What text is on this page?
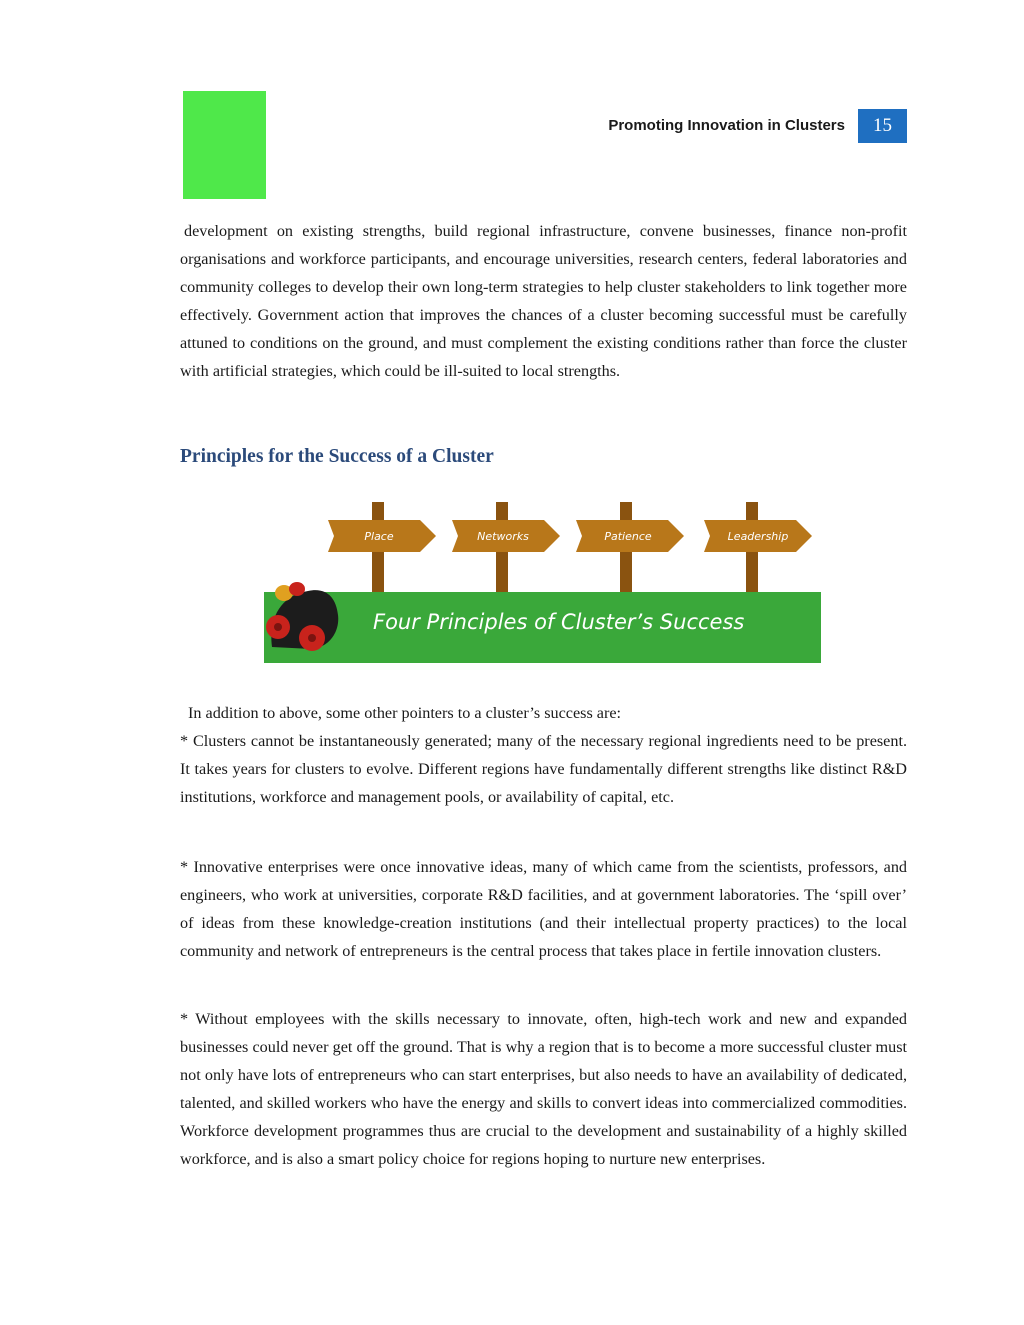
Promoting Innovation in Clusters	15

development on existing strengths, build regional infrastructure, convene businesses, finance non-profit organisations and workforce participants, and encourage universities, research centers, federal laboratories and community colleges to develop their own long-term strategies to help cluster stakeholders to link together more effectively. Government action that improves the chances of a cluster becoming successful must be carefully attuned to conditions on the ground, and must complement the existing conditions rather than force the cluster with artificial strategies, which could be ill-suited to local strengths.

Principles for the Success of a Cluster
Place	Networks	Patience	Leadership
Four Principles of Cluster’s Success

In addition to above, some other pointers to a cluster’s success are:

* Clusters cannot be instantaneously generated; many of the necessary regional ingredients need to be present. It takes years for clusters to evolve. Different regions have fundamentally different strengths like distinct R&D institutions, workforce and management pools, or availability of capital, etc.

* Innovative enterprises were once innovative ideas, many of which came from the scientists, professors, and engineers, who work at universities, corporate R&D facilities, and at government laboratories. The ‘spill over’ of ideas from these knowledge-creation institutions (and their intellectual property practices) to the local community and network of entrepreneurs is the central process that takes place in fertile innovation clusters.

* Without employees with the skills necessary to innovate, often, high-tech work and new and expanded businesses could never get off the ground. That is why a region that is to become a more successful cluster must not only have lots of entrepreneurs who can start enterprises, but also needs to have an availability of dedicated, talented, and skilled workers who have the energy and skills to convert ideas into commercialized commodities. Workforce development programmes thus are crucial to the development and sustainability of a highly skilled workforce, and is also a smart policy choice for regions hoping to nurture new enterprises.
